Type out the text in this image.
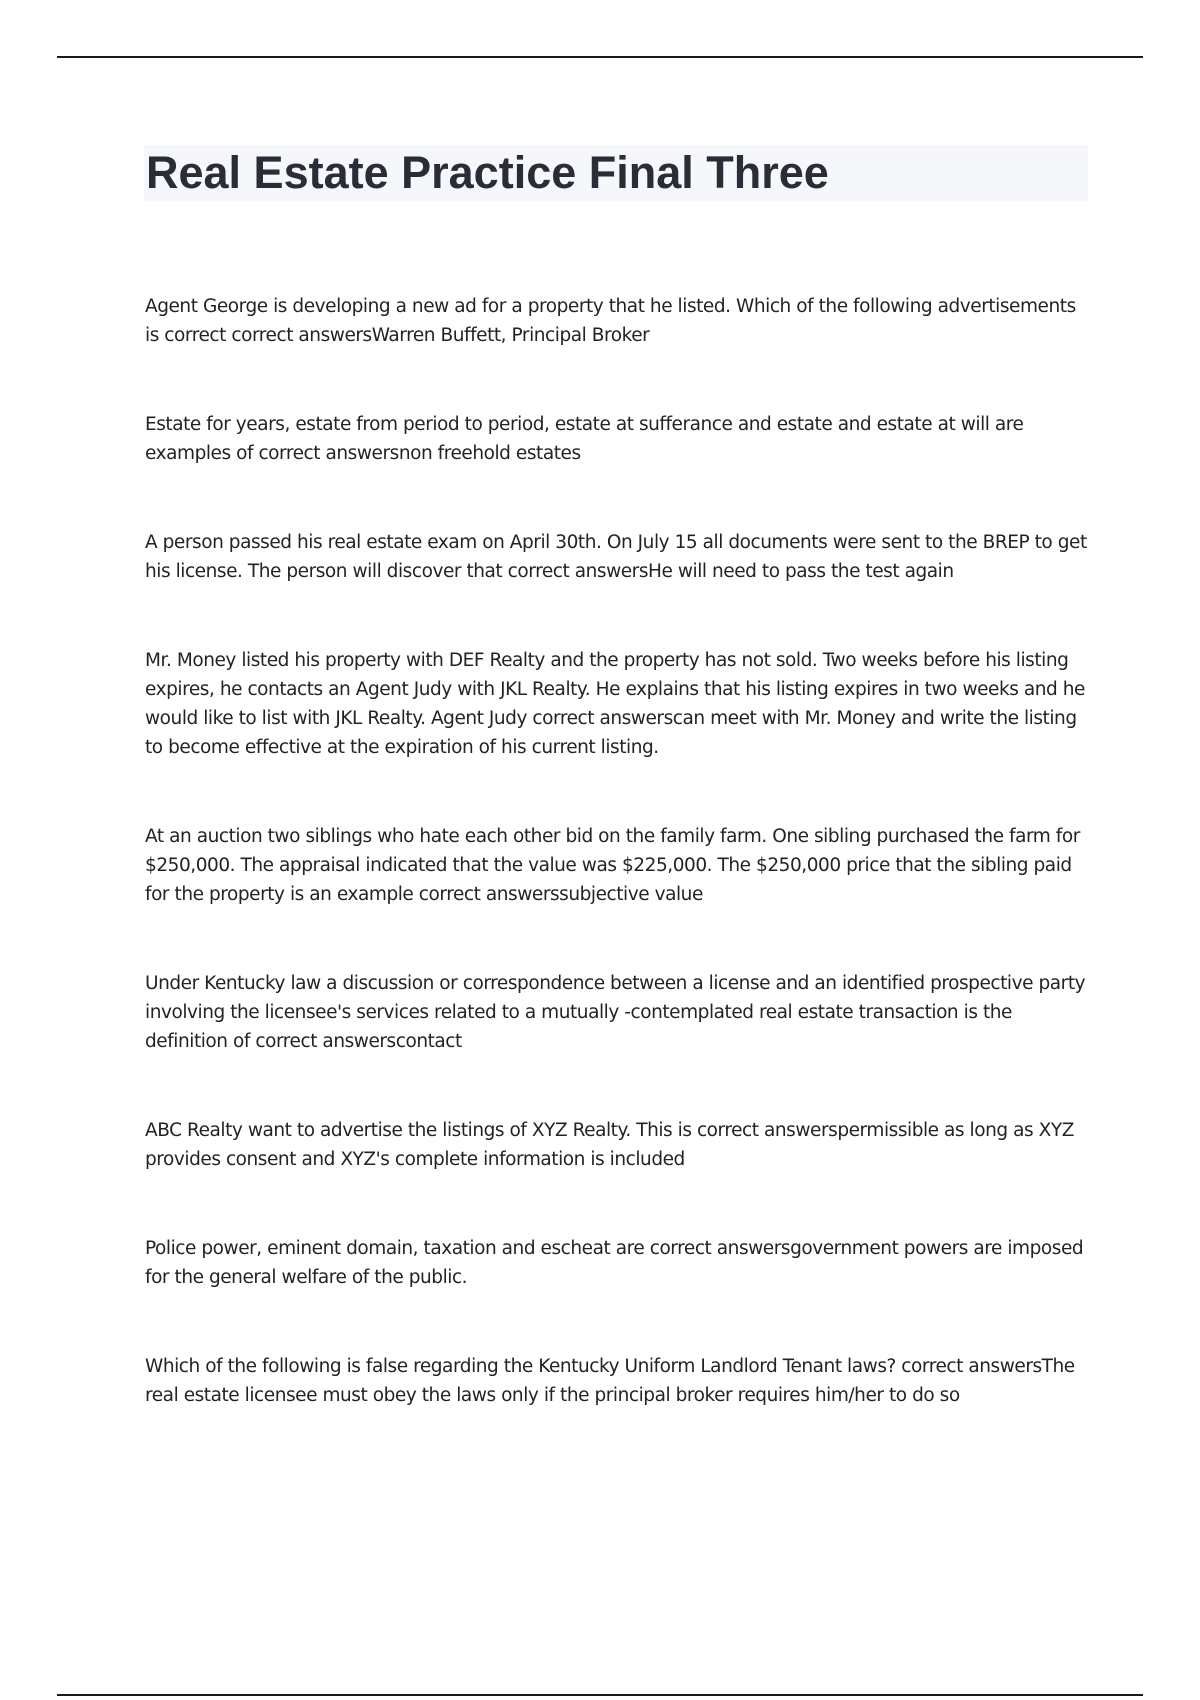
Real Estate Practice Final Three
Agent George is developing a new ad for a property that he listed. Which of the following advertisements is correct correct answersWarren Buffett, Principal Broker
Estate for years, estate from period to period, estate at sufferance and estate and estate at will are examples of correct answersnon freehold estates
A person passed his real estate exam on April 30th. On July 15 all documents were sent to the BREP to get his license. The person will discover that correct answersHe will need to pass the test again
Mr. Money listed his property with DEF Realty and the property has not sold. Two weeks before his listing expires, he contacts an Agent Judy with JKL Realty. He explains that his listing expires in two weeks and he would like to list with JKL Realty. Agent Judy correct answerscan meet with Mr. Money and write the listing to become effective at the expiration of his current listing.
At an auction two siblings who hate each other bid on the family farm. One sibling purchased the farm for $250,000. The appraisal indicated that the value was $225,000. The $250,000 price that the sibling paid for the property is an example correct answerssubjective value
Under Kentucky law a discussion or correspondence between a license and an identified prospective party involving the licensee's services related to a mutually -contemplated real estate transaction is the definition of correct answerscontact
ABC Realty want to advertise the listings of XYZ Realty. This is correct answerspermissible as long as XYZ provides consent and XYZ's complete information is included
Police power, eminent domain, taxation and escheat are correct answersgovernment powers are imposed for the general welfare of the public.
Which of the following is false regarding the Kentucky Uniform Landlord Tenant laws? correct answersThe real estate licensee must obey the laws only if the principal broker requires him/her to do so
